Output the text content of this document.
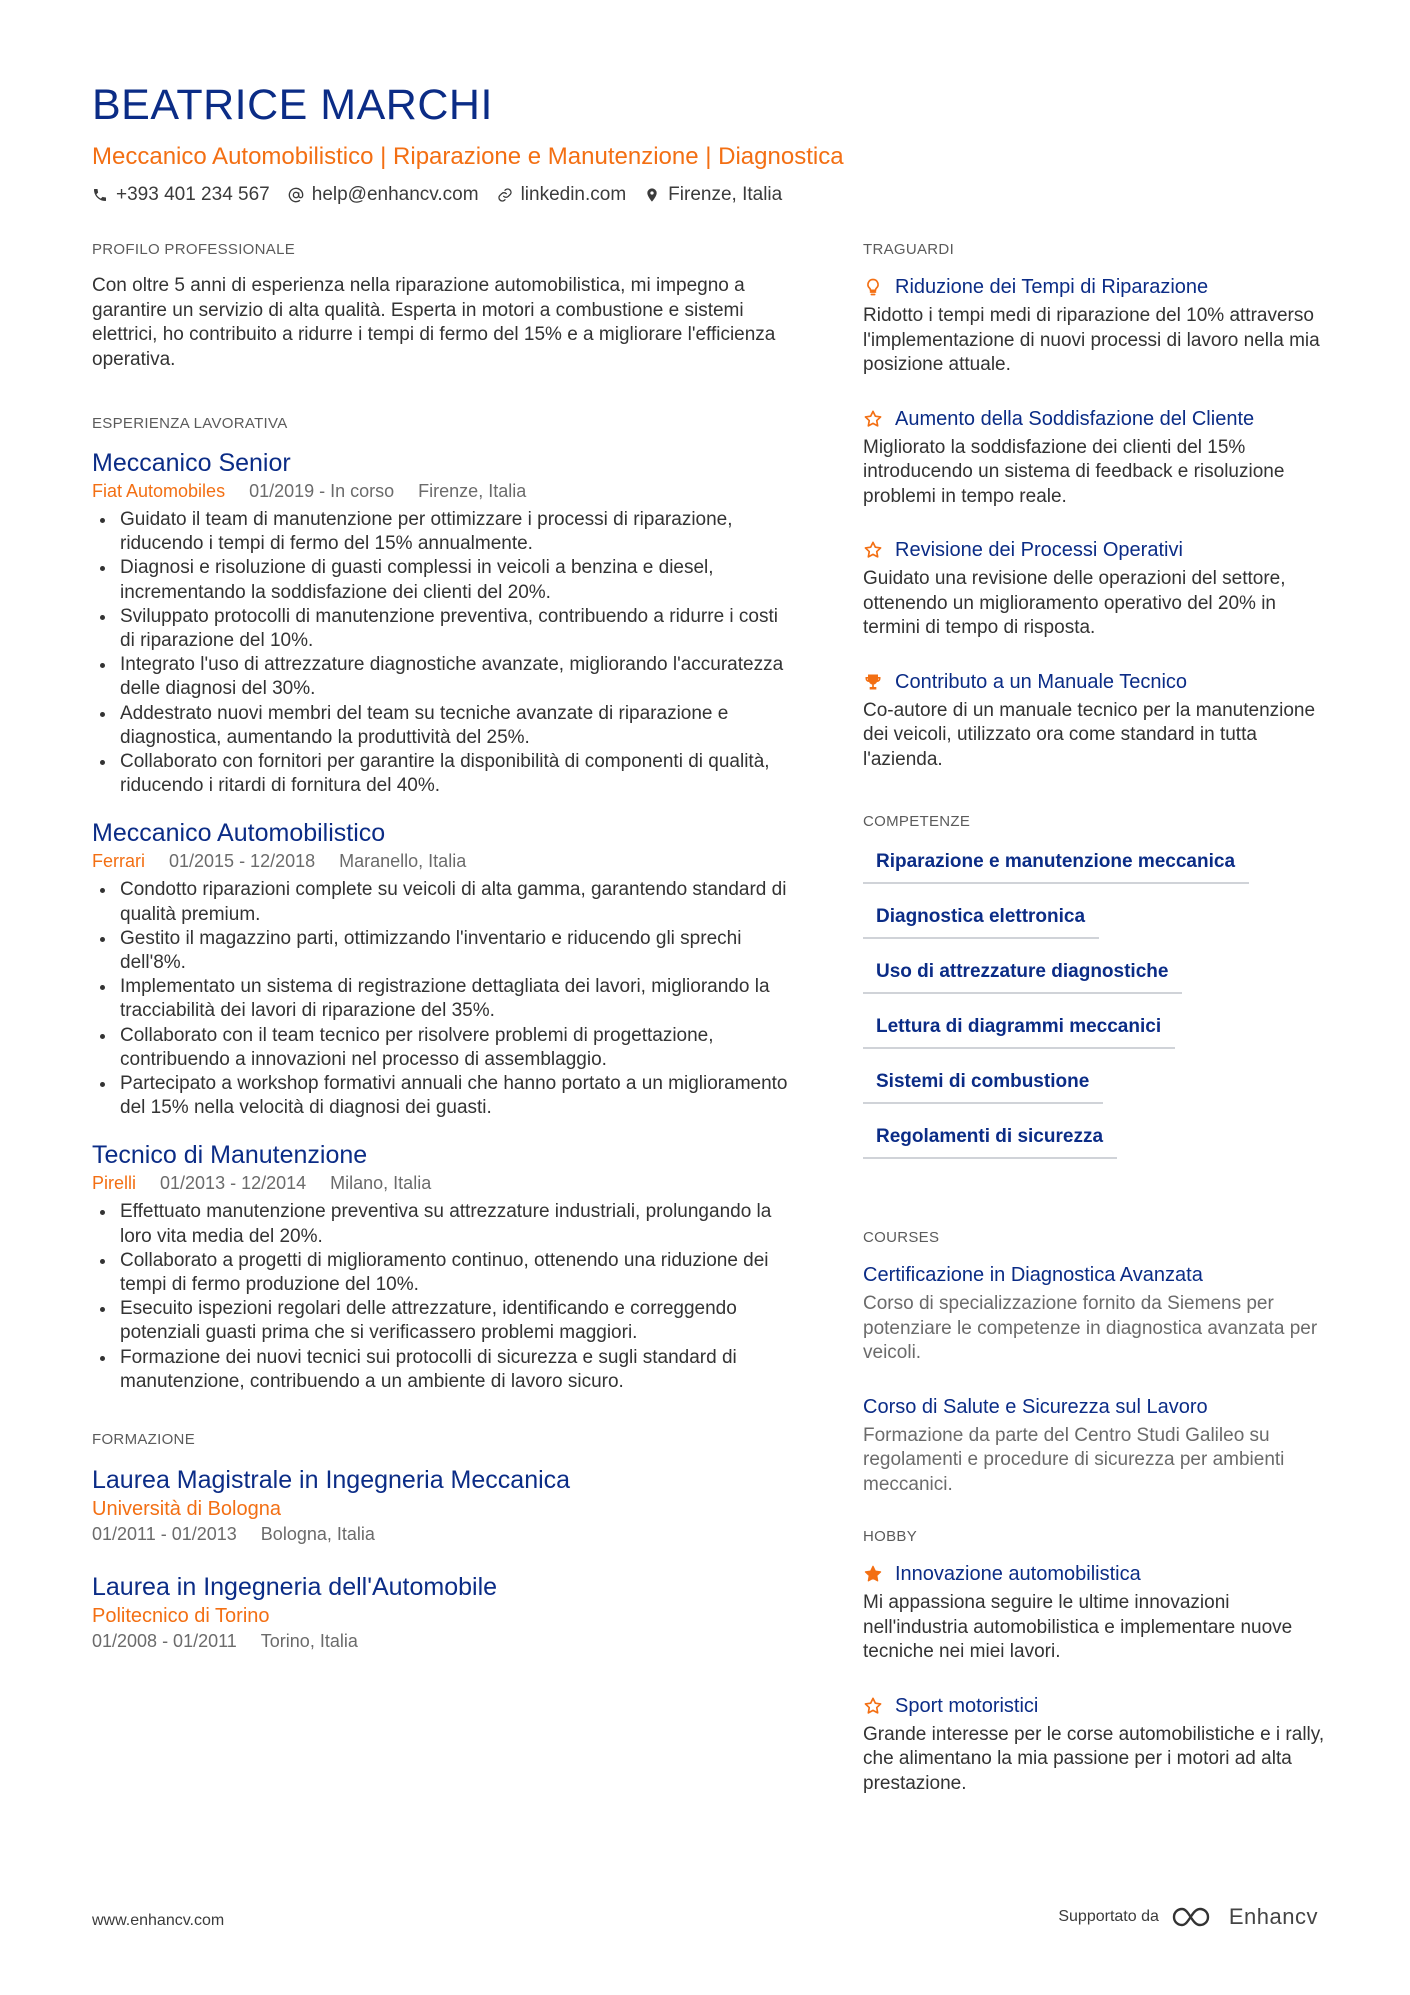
BEATRICE MARCHI
Meccanico Automobilistico | Riparazione e Manutenzione | Diagnostica
+393 401 234 567 help@enhancv.com linkedin.com Firenze, Italia
PROFILO PROFESSIONALE

Con oltre 5 anni di esperienza nella riparazione automobilistica, mi impegno a garantire un servizio di alta qualità. Esperta in motori a combustione e sistemi elettrici, ho contribuito a ridurre i tempi di fermo del 15% e a migliorare l'efficienza operativa.

ESPERIENZA LAVORATIVA
Meccanico Senior
Fiat Automobiles 01/2019 - In corso Firenze, Italia
Guidato il team di manutenzione per ottimizzare i processi di riparazione, riducendo i tempi di fermo del 15% annualmente.
Diagnosi e risoluzione di guasti complessi in veicoli a benzina e diesel, incrementando la soddisfazione dei clienti del 20%.
Sviluppato protocolli di manutenzione preventiva, contribuendo a ridurre i costi di riparazione del 10%.
Integrato l'uso di attrezzature diagnostiche avanzate, migliorando l'accuratezza delle diagnosi del 30%.
Addestrato nuovi membri del team su tecniche avanzate di riparazione e diagnostica, aumentando la produttività del 25%.
Collaborato con fornitori per garantire la disponibilità di componenti di qualità, riducendo i ritardi di fornitura del 40%.
Meccanico Automobilistico
Ferrari 01/2015 - 12/2018 Maranello, Italia
Condotto riparazioni complete su veicoli di alta gamma, garantendo standard di qualità premium.
Gestito il magazzino parti, ottimizzando l'inventario e riducendo gli sprechi dell'8%.
Implementato un sistema di registrazione dettagliata dei lavori, migliorando la tracciabilità dei lavori di riparazione del 35%.
Collaborato con il team tecnico per risolvere problemi di progettazione, contribuendo a innovazioni nel processo di assemblaggio.
Partecipato a workshop formativi annuali che hanno portato a un miglioramento del 15% nella velocità di diagnosi dei guasti.
Tecnico di Manutenzione
Pirelli 01/2013 - 12/2014 Milano, Italia
Effettuato manutenzione preventiva su attrezzature industriali, prolungando la loro vita media del 20%.
Collaborato a progetti di miglioramento continuo, ottenendo una riduzione dei tempi di fermo produzione del 10%.
Esecuito ispezioni regolari delle attrezzature, identificando e correggendo potenziali guasti prima che si verificassero problemi maggiori.
Formazione dei nuovi tecnici sui protocolli di sicurezza e sugli standard di manutenzione, contribuendo a un ambiente di lavoro sicuro.
FORMAZIONE
Laurea Magistrale in Ingegneria Meccanica
Università di Bologna
01/2011 - 01/2013 Bologna, Italia
Laurea in Ingegneria dell'Automobile
Politecnico di Torino
01/2008 - 01/2011 Torino, Italia
TRAGUARDI
Riduzione dei Tempi di Riparazione

Ridotto i tempi medi di riparazione del 10% attraverso l'implementazione di nuovi processi di lavoro nella mia posizione attuale.

Aumento della Soddisfazione del Cliente

Migliorato la soddisfazione dei clienti del 15% introducendo un sistema di feedback e risoluzione problemi in tempo reale.

Revisione dei Processi Operativi

Guidato una revisione delle operazioni del settore, ottenendo un miglioramento operativo del 20% in termini di tempo di risposta.

Contributo a un Manuale Tecnico

Co-autore di un manuale tecnico per la manutenzione dei veicoli, utilizzato ora come standard in tutta l'azienda.

COMPETENZE
Riparazione e manutenzione meccanica
Diagnostica elettronica
Uso di attrezzature diagnostiche
Lettura di diagrammi meccanici
Sistemi di combustione
Regolamenti di sicurezza
COURSES
Certificazione in Diagnostica Avanzata

Corso di specializzazione fornito da Siemens per potenziare le competenze in diagnostica avanzata per veicoli.

Corso di Salute e Sicurezza sul Lavoro

Formazione da parte del Centro Studi Galileo su regolamenti e procedure di sicurezza per ambienti meccanici.

HOBBY
Innovazione automobilistica

Mi appassiona seguire le ultime innovazioni nell'industria automobilistica e implementare nuove tecniche nei miei lavori.

Sport motoristici

Grande interesse per le corse automobilistiche e i rally, che alimentano la mia passione per i motori ad alta prestazione.

www.enhancv.com	Supportato da	Enhancv
